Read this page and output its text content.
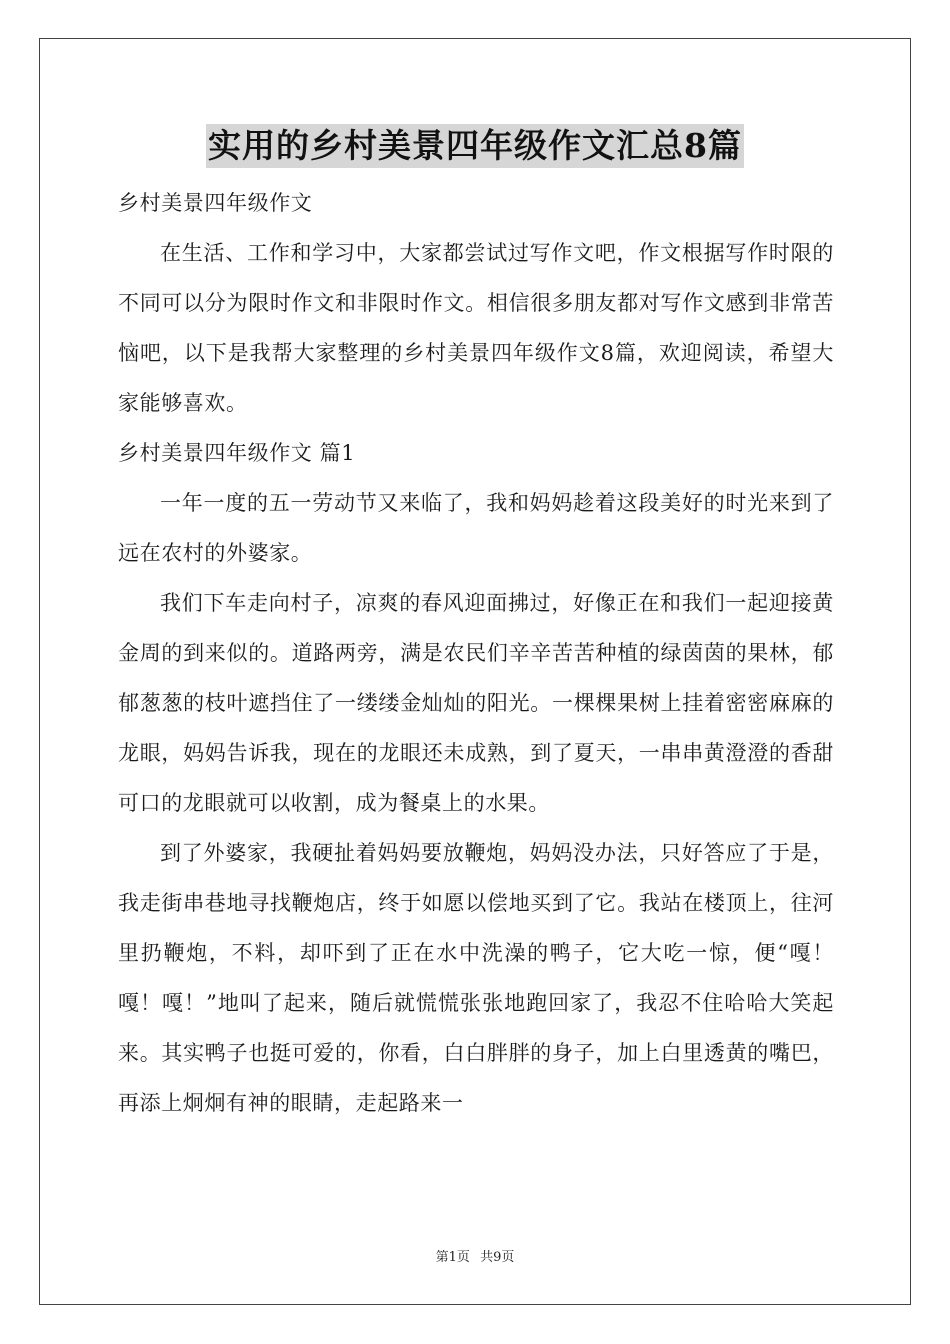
实用的乡村美景四年级作文汇总8篇

乡村美景四年级作文

在生活、工作和学习中，大家都尝试过写作文吧，作文根据写作时限的不同可以分为限时作文和非限时作文。相信很多朋友都对写作文感到非常苦恼吧，以下是我帮大家整理的乡村美景四年级作文8篇，欢迎阅读，希望大家能够喜欢。

乡村美景四年级作文 篇1

一年一度的五一劳动节又来临了，我和妈妈趁着这段美好的时光来到了远在农村的外婆家。

我们下车走向村子，凉爽的春风迎面拂过，好像正在和我们一起迎接黄金周的到来似的。道路两旁，满是农民们辛辛苦苦种植的绿茵茵的果林，郁郁葱葱的枝叶遮挡住了一缕缕金灿灿的阳光。一棵棵果树上挂着密密麻麻的龙眼，妈妈告诉我，现在的龙眼还未成熟，到了夏天，一串串黄澄澄的香甜可口的龙眼就可以收割，成为餐桌上的水果。

到了外婆家，我硬扯着妈妈要放鞭炮，妈妈没办法，只好答应了于是，我走街串巷地寻找鞭炮店，终于如愿以偿地买到了它。我站在楼顶上，往河里扔鞭炮，不料，却吓到了正在水中洗澡的鸭子，它大吃一惊，便“嘎！嘎！嘎！”地叫了起来，随后就慌慌张张地跑回家了，我忍不住哈哈大笑起来。其实鸭子也挺可爱的，你看，白白胖胖的身子，加上白里透黄的嘴巴，再添上炯炯有神的眼睛，走起路来一

第1页 共9页
